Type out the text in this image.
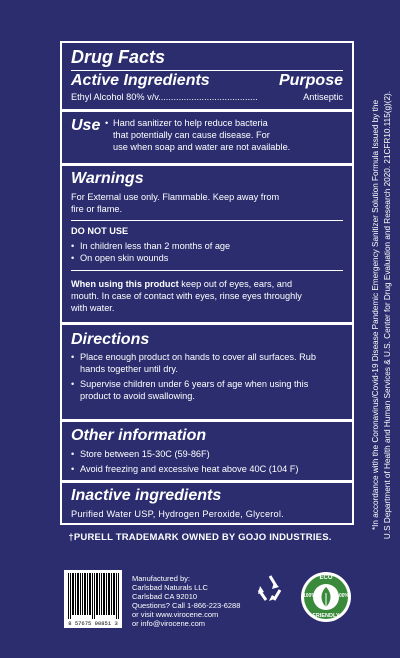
Drug Facts
Active Ingredients	Purpose
Ethyl Alcohol 80% v/v.......................................	Antiseptic
Use • Hand sanitizer to help reduce bacteria
that potentially can cause disease. For
use when soap and water are not available.
Warnings
For External use only. Flammable. Keep away from
fire or flame.
DO NOT USE
• In children less than 2 months of age
• On open skin wounds
When using this product keep out of eyes, ears, and
mouth. In case of contact with eyes, rinse eyes throughly
with water.
Directions
• Place enough product on hands to cover all surfaces. Rub
hands together until dry.
• Supervise children under 6 years of age when using this
product to avoid swallowing.
Other information
• Store between 15-30C (59-86F)
• Avoid freezing and excessive heat above 40C (104 F)
Inactive ingredients
Purified Water USP, Hydrogen Peroxide, Glycerol.	*In accordance with the Coronavirus/Covid-19 Disease Pandemic Emergency Sanitizer Solution Formula Issued by the U.S Department of Health and Human Services & U.S. Center for Drug Evaluation and Research 2020. 21CFR10.115(g)(2).
†PURELL TRADEMARK OWNED BY GOJO INDUSTRIES.
8 57675 00851 3
Manufactured by:
Carlsbad Naturals LLC
Carlsbad CA 92010
Questions? Call 1-866-223-6288
or visit www.virocene.com
or info@virocene.com
ECO
100%	100%
FRIENDLY
